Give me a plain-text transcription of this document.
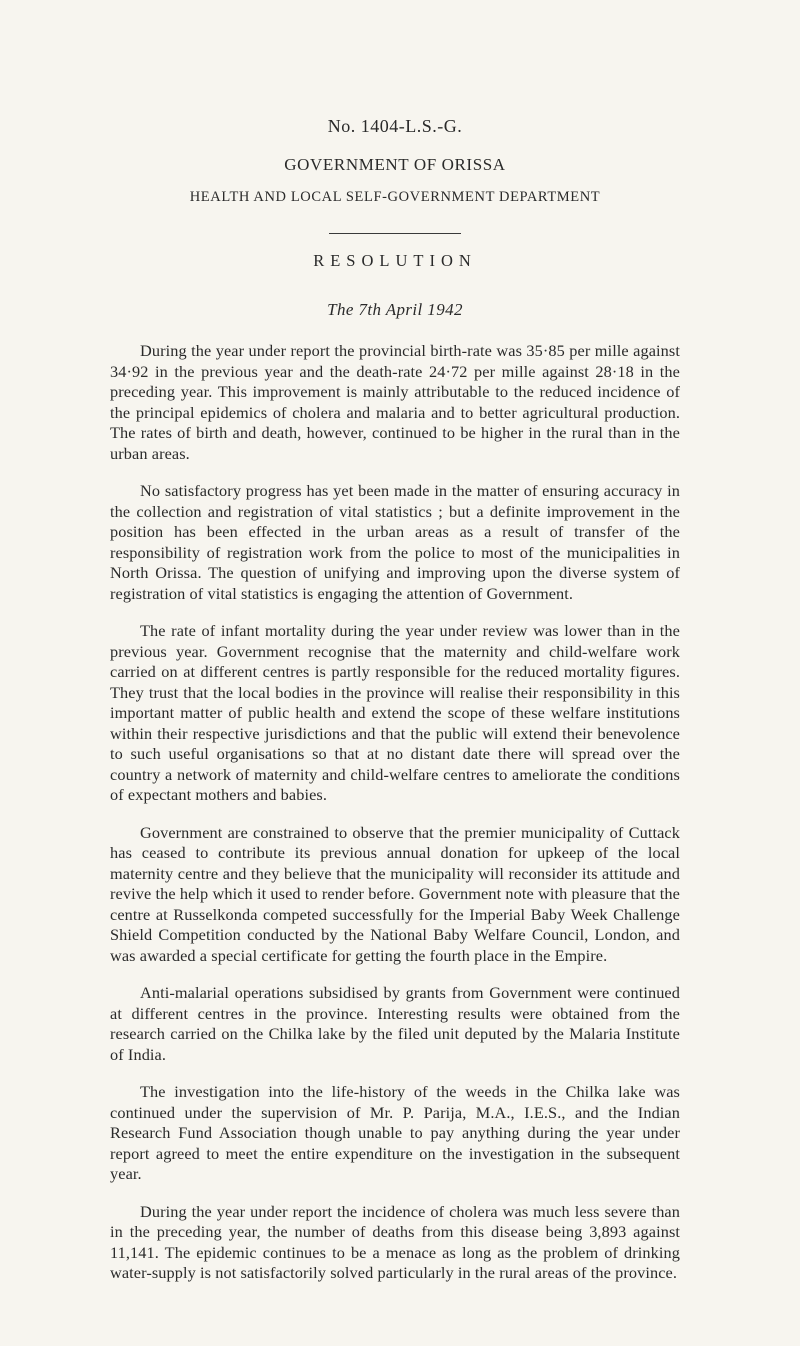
No. 1404-L.S.-G.
GOVERNMENT OF ORISSA
HEALTH AND LOCAL SELF-GOVERNMENT DEPARTMENT
RESOLUTION
The 7th April 1942

During the year under report the provincial birth-rate was 35·85 per mille against 34·92 in the previous year and the death-rate 24·72 per mille against 28·18 in the preceding year. This improvement is mainly attributable to the reduced incidence of the principal epidemics of cholera and malaria and to better agricultural production. The rates of birth and death, however, continued to be higher in the rural than in the urban areas.

No satisfactory progress has yet been made in the matter of ensuring accuracy in the collection and registration of vital statistics ; but a definite improvement in the position has been effected in the urban areas as a result of transfer of the responsibility of registration work from the police to most of the municipalities in North Orissa. The question of unifying and improving upon the diverse system of registration of vital statistics is engaging the attention of Government.

The rate of infant mortality during the year under review was lower than in the previous year. Government recognise that the maternity and child-welfare work carried on at different centres is partly responsible for the reduced mortality figures. They trust that the local bodies in the province will realise their responsibility in this important matter of public health and extend the scope of these welfare institutions within their respective jurisdictions and that the public will extend their benevolence to such useful organisations so that at no distant date there will spread over the country a network of maternity and child-welfare centres to ameliorate the conditions of expectant mothers and babies.

Government are constrained to observe that the premier municipality of Cuttack has ceased to contribute its previous annual donation for upkeep of the local maternity centre and they believe that the municipality will reconsider its attitude and revive the help which it used to render before. Government note with pleasure that the centre at Russelkonda competed successfully for the Imperial Baby Week Challenge Shield Competition conducted by the National Baby Welfare Council, London, and was awarded a special certificate for getting the fourth place in the Empire.

Anti-malarial operations subsidised by grants from Government were continued at different centres in the province. Interesting results were obtained from the research carried on the Chilka lake by the filed unit deputed by the Malaria Institute of India.

The investigation into the life-history of the weeds in the Chilka lake was continued under the supervision of Mr. P. Parija, M.A., I.E.S., and the Indian Research Fund Association though unable to pay anything during the year under report agreed to meet the entire expenditure on the investigation in the subsequent year.

During the year under report the incidence of cholera was much less severe than in the preceding year, the number of deaths from this disease being 3,893 against 11,141. The epidemic continues to be a menace as long as the problem of drinking water-supply is not satisfactorily solved particularly in the rural areas of the province.
